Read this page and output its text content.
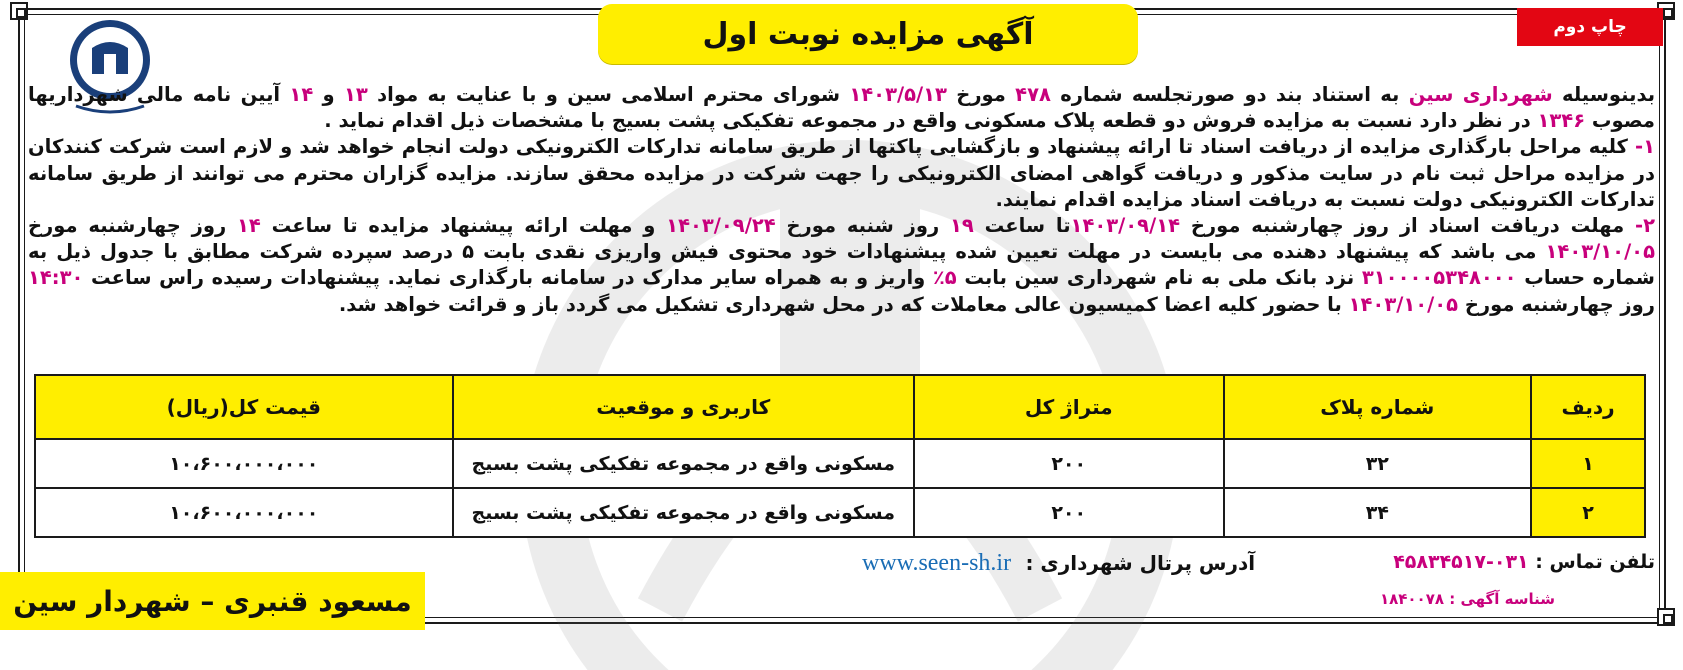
چاپ دوم
آگهی مزایده نوبت اول

بدینوسیله شهرداری سین به استناد بند دو صورتجلسه شماره ۴۷۸ مورخ ۱۴۰۳/۵/۱۳ شورای محترم اسلامی سین و با عنایت به مواد ۱۳ و ۱۴ آیین نامه مالی شهرداریها مصوب ۱۳۴۶ در نظر دارد نسبت به مزایده فروش دو قطعه پلاک مسکونی واقع در مجموعه تفکیکی پشت بسیج با مشخصات ذیل اقدام نماید .

۱- کلیه مراحل بارگذاری مزایده از دریافت اسناد تا ارائه پیشنهاد و بازگشایی پاکتها از طریق سامانه تدارکات الکترونیکی دولت انجام خواهد شد و لازم است شرکت کنندکان در مزایده مراحل ثبت نام در سایت مذکور و دریافت گواهی امضای الکترونیکی را جهت شرکت در مزایده محقق سازند. مزایده گزاران محترم می توانند از طریق سامانه تدارکات الکترونیکی دولت نسبت به دریافت اسناد مزایده اقدام نمایند.

۲- مهلت دریافت اسناد از روز چهارشنبه مورخ ۱۴۰۳/۰۹/۱۴تا ساعت ۱۹ روز شنبه مورخ ۱۴۰۳/۰۹/۲۴ و مهلت ارائه پیشنهاد مزایده تا ساعت ۱۴ روز چهارشنبه مورخ ۱۴۰۳/۱۰/۰۵ می باشد که پیشنهاد دهنده می بایست در مهلت تعیین شده پیشنهادات خود محتوی فیش واریزی نقدی بابت ۵ درصد سپرده شرکت مطابق با جدول ذیل به شماره حساب ۳۱۰۰۰۰۵۳۴۸۰۰۰ نزد بانک ملی به نام شهرداری سین بابت ۵٪ واریز و به همراه سایر مدارک در سامانه بارگذاری نماید. پیشنهادات رسیده راس ساعت ۱۴:۳۰ روز چهارشنبه مورخ ۱۴۰۳/۱۰/۰۵ با حضور کلیه اعضا کمیسیون عالی معاملات که در محل شهرداری تشکیل می گردد باز و قرائت خواهد شد.

ردیف	شماره پلاک	متراژ کل	کاربری و موقعیت	قیمت کل(ریال)
۱	۳۲	۲۰۰	مسکونی واقع در مجموعه تفکیکی پشت بسیج	۱۰،۶۰۰،۰۰۰،۰۰۰
۲	۳۴	۲۰۰	مسکونی واقع در مجموعه تفکیکی پشت بسیج	۱۰،۶۰۰،۰۰۰،۰۰۰
تلفن تماس : ۰۳۱-۴۵۸۳۴۵۱۷
شناسه آگهی : ۱۸۴۰۰۷۸
www.seen-sh.ir آدرس پرتال شهرداری :
مسعود قنبری – شهردار سین
